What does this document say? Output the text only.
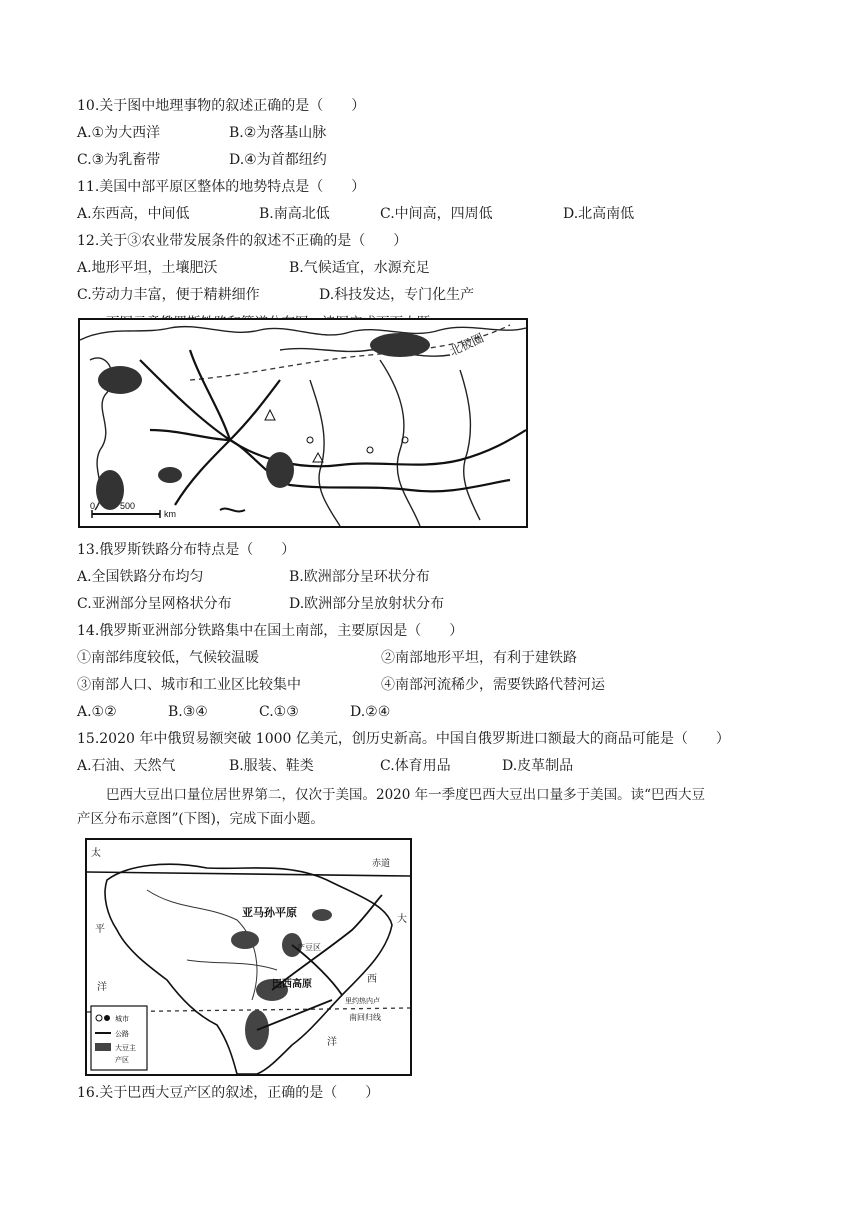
10.关于图中地理事物的叙述正确的是（　　）
A.①为大西洋	B.②为落基山脉
C.③为乳畜带	D.④为首都纽约
11.美国中部平原区整体的地势特点是（　　）
A.东西高，中间低	B.南高北低	C.中间高，四周低	D.北高南低
12.关于③农业带发展条件的叙述不正确的是（　　）
A.地形平坦，土壤肥沃	B.气候适宜，水源充足
C.劳动力丰富，便于精耕细作	D.科技发达，专门化生产
北极圈
0	500
km
13.俄罗斯铁路分布特点是（　　）
A.全国铁路分布均匀	B.欧洲部分呈环状分布
C.亚洲部分呈网格状分布	D.欧洲部分呈放射状分布
14.俄罗斯亚洲部分铁路集中在国土南部，主要原因是（　　）
①南部纬度较低，气候较温暖	②南部地形平坦，有利于建铁路
③南部人口、城市和工业区比较集中	④南部河流稀少，需要铁路代替河运
A.①②	B.③④	C.①③	D.②④
15.2020 年中俄贸易额突破 1000 亿美元，创历史新高。中国自俄罗斯进口额最大的商品可能是（　　）
A.石油、天然气	B.服装、鞋类	C.体育用品	D.皮革制品
巴西大豆出口量位居世界第二，仅次于美国。2020 年一季度巴西大豆出口量多于美国。读“巴西大豆
产区分布示意图”(下图)，完成下面小题。
太
平
洋
大
西
洋
赤道
亚马孙平原
巴西高原
产豆区
里约热内卢
南回归线
城市
公路
大豆主
产区
16.关于巴西大豆产区的叙述，正确的是（　　）
